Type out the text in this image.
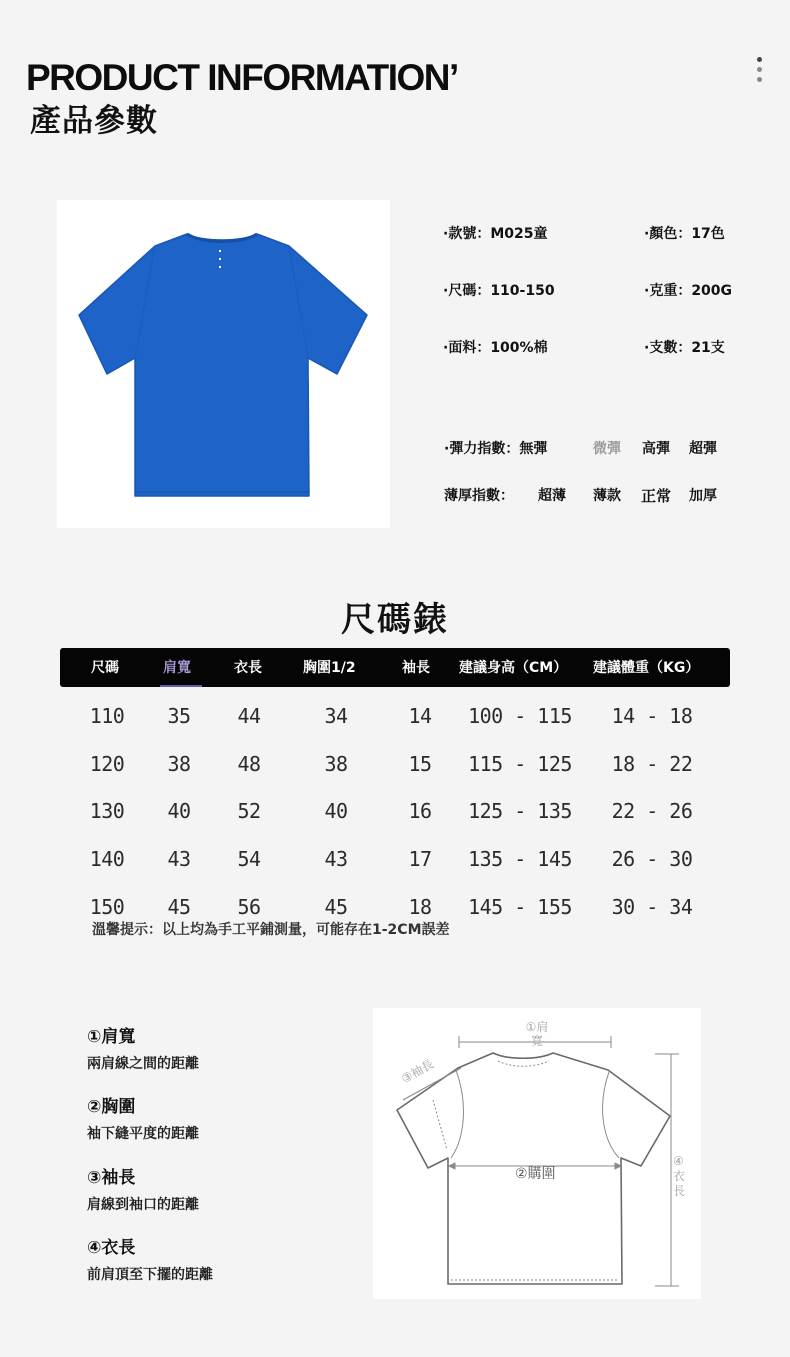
PRODUCT INFORMATION’
產品參數
·款號：M025童	·顏色：17色
·尺碼：110-150	·克重：200G
·面料：100%棉	·支數：21支
·彈力指數：無彈	微彈 高彈 超彈
薄厚指數： 超薄 薄款 正常 加厚
尺碼錶
尺碼	肩寬	衣長	胸圍1/2	袖長 建議身高（CM） 建議體重（KG）
110 35 44	34	14 100 - 115 14 - 18
120 38 48	38	15 115 - 125 18 - 22
130 40 52	40	16 125 - 135 22 - 26
140 43 54	43	17 135 - 145 26 - 30
150 45 56	45	18 145 - 155 30 - 34
溫馨提示：以上均為手工平鋪測量，可能存在1-2CM誤差
①肩寬
兩肩線之間的距離
②胸圍
袖下縫平度的距離
③袖長
肩線到袖口的距離
④衣長
前肩頂至下擺的距離
①肩寬
②購圍
③袖長
④衣長
